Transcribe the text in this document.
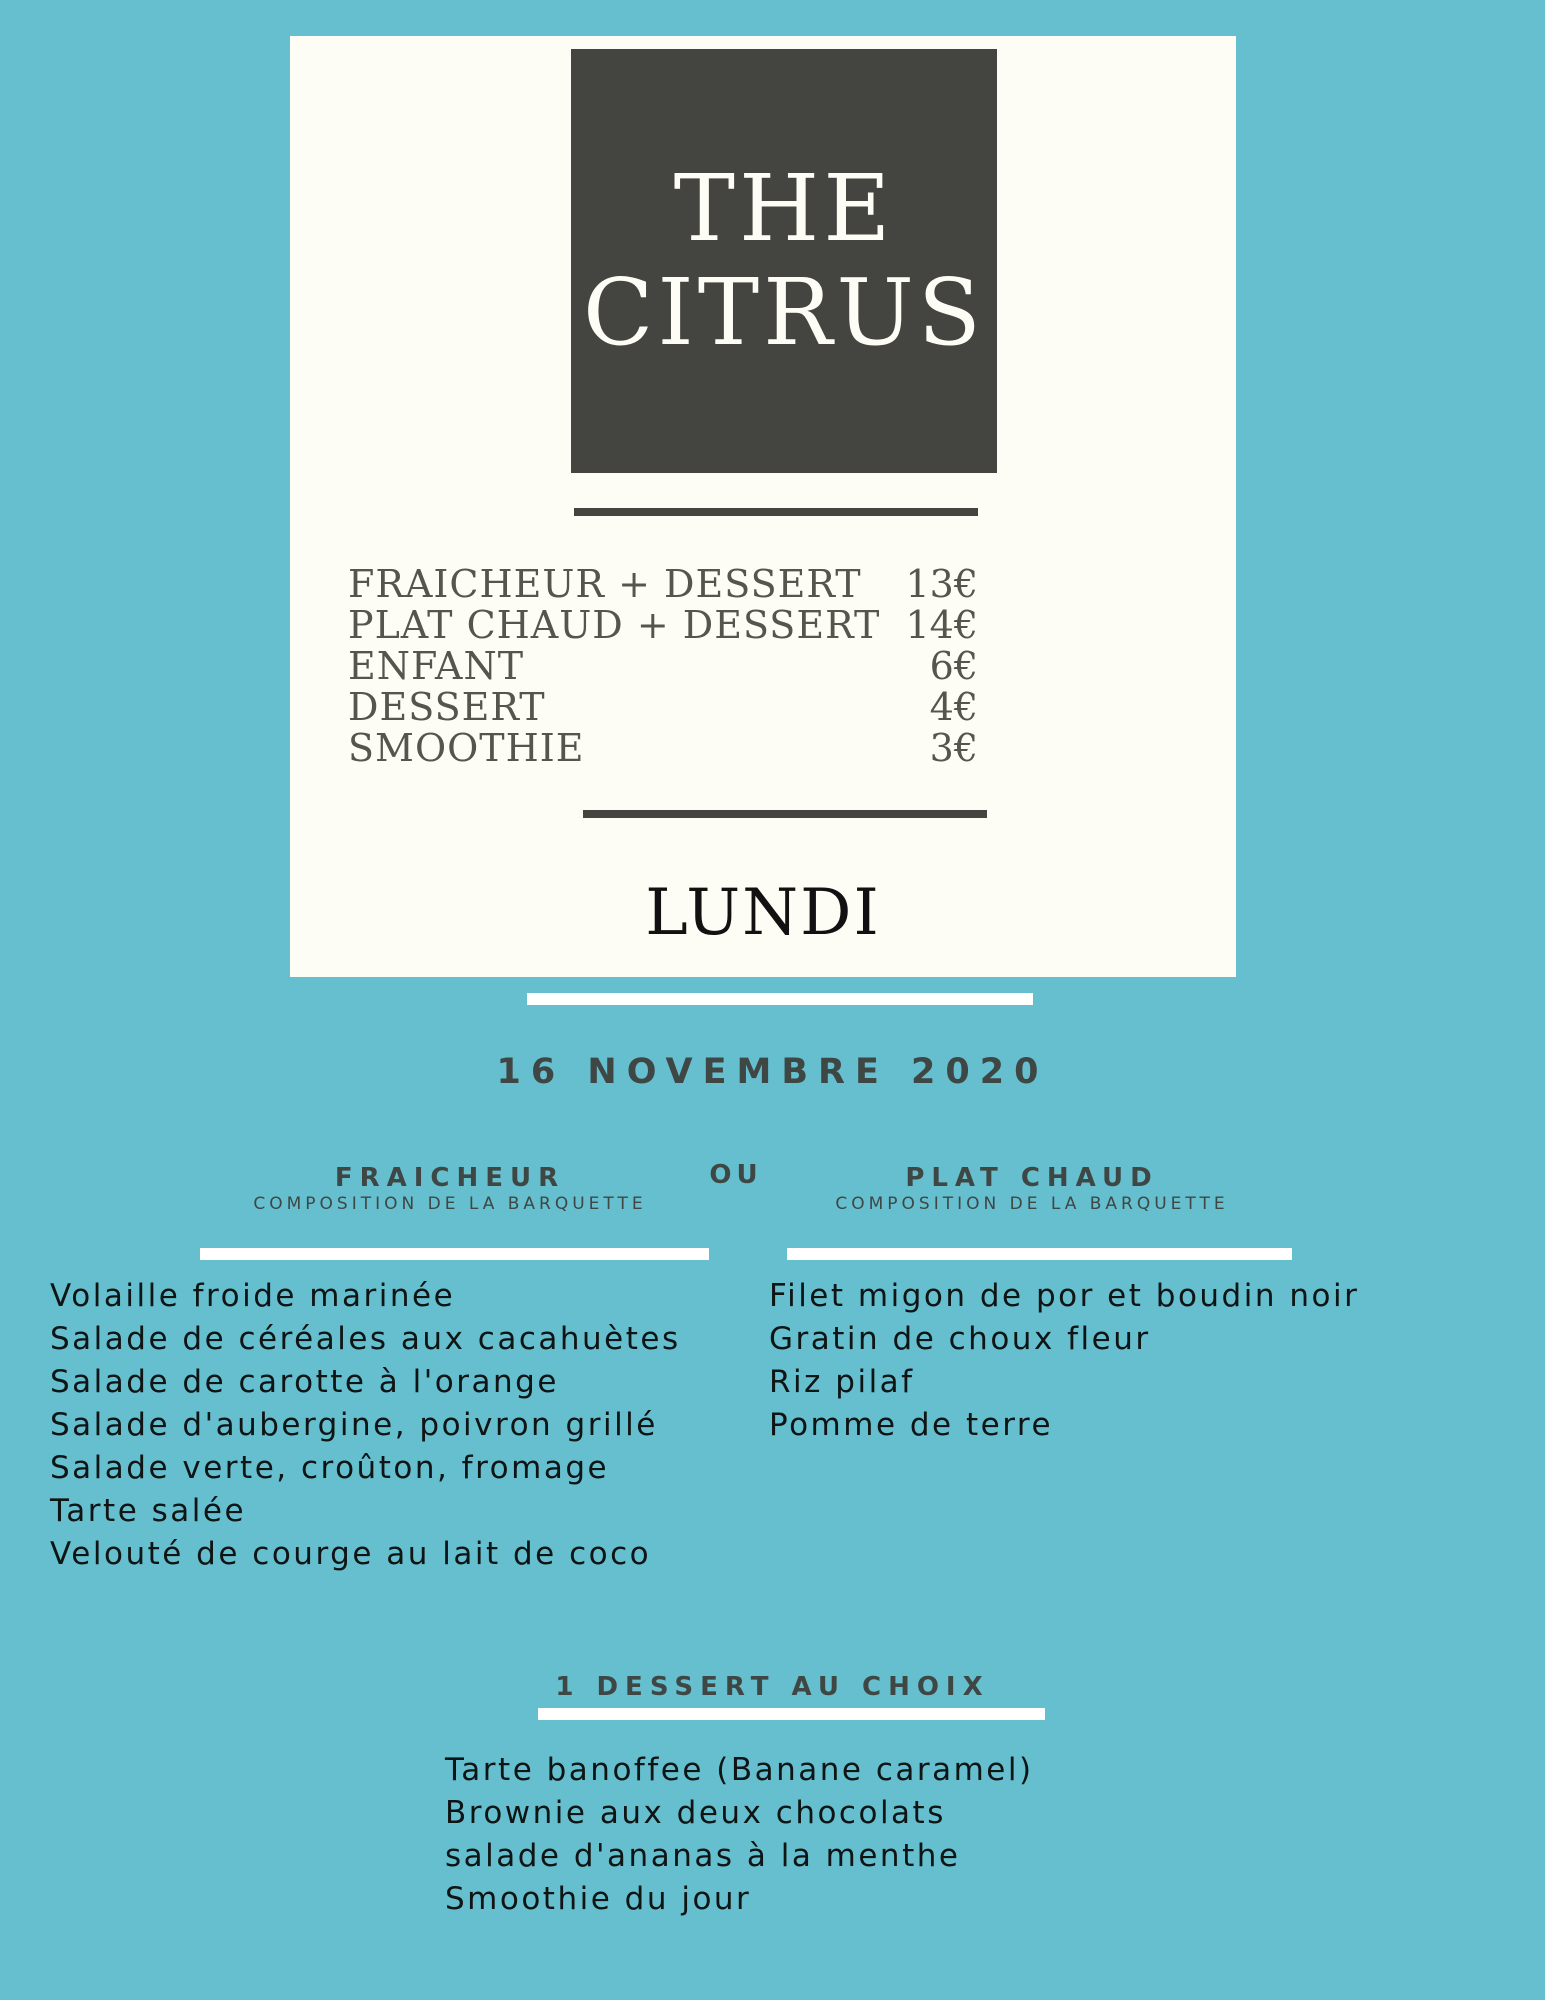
THE
CITRUS
FRAICHEUR + DESSERT 13€
PLAT CHAUD + DESSERT 14€
ENFANT	6€
DESSERT	4€
SMOOTHIE	3€
LUNDI
16 NOVEMBRE 2020
FRAICHEUR
COMPOSITION DE LA BARQUETTE
OU	PLAT CHAUD
COMPOSITION DE LA BARQUETTE
Volaille froide marinée
Salade de céréales aux cacahuètes
Salade de carotte à l'orange
Salade d'aubergine, poivron grillé
Salade verte, croûton, fromage
Tarte salée
Velouté de courge au lait de coco
Filet migon de por et boudin noir
Gratin de choux fleur
Riz pilaf
Pomme de terre
1 DESSERT AU CHOIX
Tarte banoffee (Banane caramel)
Brownie aux deux chocolats
salade d'ananas à la menthe
Smoothie du jour
